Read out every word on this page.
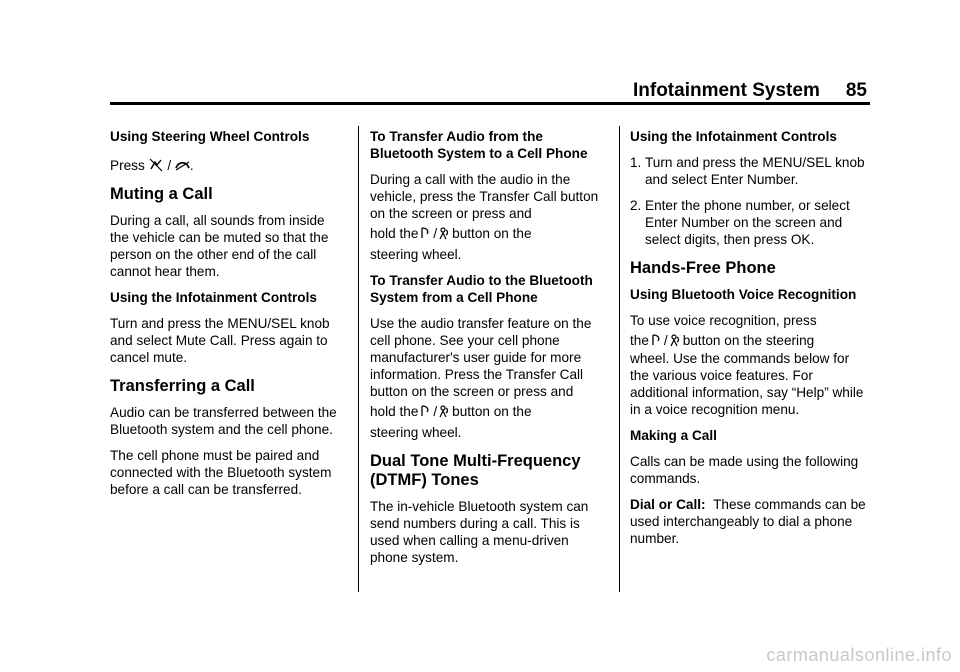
Infotainment System 85

Using Steering Wheel Controls

Press / .

Muting a Call

During a call, all sounds from inside the vehicle can be muted so that the person on the other end of the call cannot hear them.

Using the Infotainment Controls

Turn and press the MENU/SEL knob and select Mute Call. Press again to cancel mute.

Transferring a Call

Audio can be transferred between the Bluetooth system and the cell phone.

The cell phone must be paired and connected with the Bluetooth system before a call can be transferred.

To Transfer Audio from the Bluetooth System to a Cell Phone

During a call with the audio in the vehicle, press the Transfer Call button on the screen or press and

hold the / button on the

steering wheel.

To Transfer Audio to the Bluetooth System from a Cell Phone

Use the audio transfer feature on the cell phone. See your cell phone manufacturer's user guide for more information. Press the Transfer Call button on the screen or press and

hold the / button on the

steering wheel.

Dual Tone Multi-Frequency (DTMF) Tones

The in-vehicle Bluetooth system can send numbers during a call. This is used when calling a menu-driven phone system.

Using the Infotainment Controls

1. Turn and press the MENU/SEL knob and select Enter Number.
2. Enter the phone number, or select Enter Number on the screen and select digits, then press OK.
Hands-Free Phone

Using Bluetooth Voice Recognition

To use voice recognition, press

the / button on the steering

wheel. Use the commands below for the various voice features. For additional information, say “Help” while in a voice recognition menu.

Making a Call

Calls can be made using the following commands.

Dial or Call: These commands can be used interchangeably to dial a phone number.

carmanualsonline.info
